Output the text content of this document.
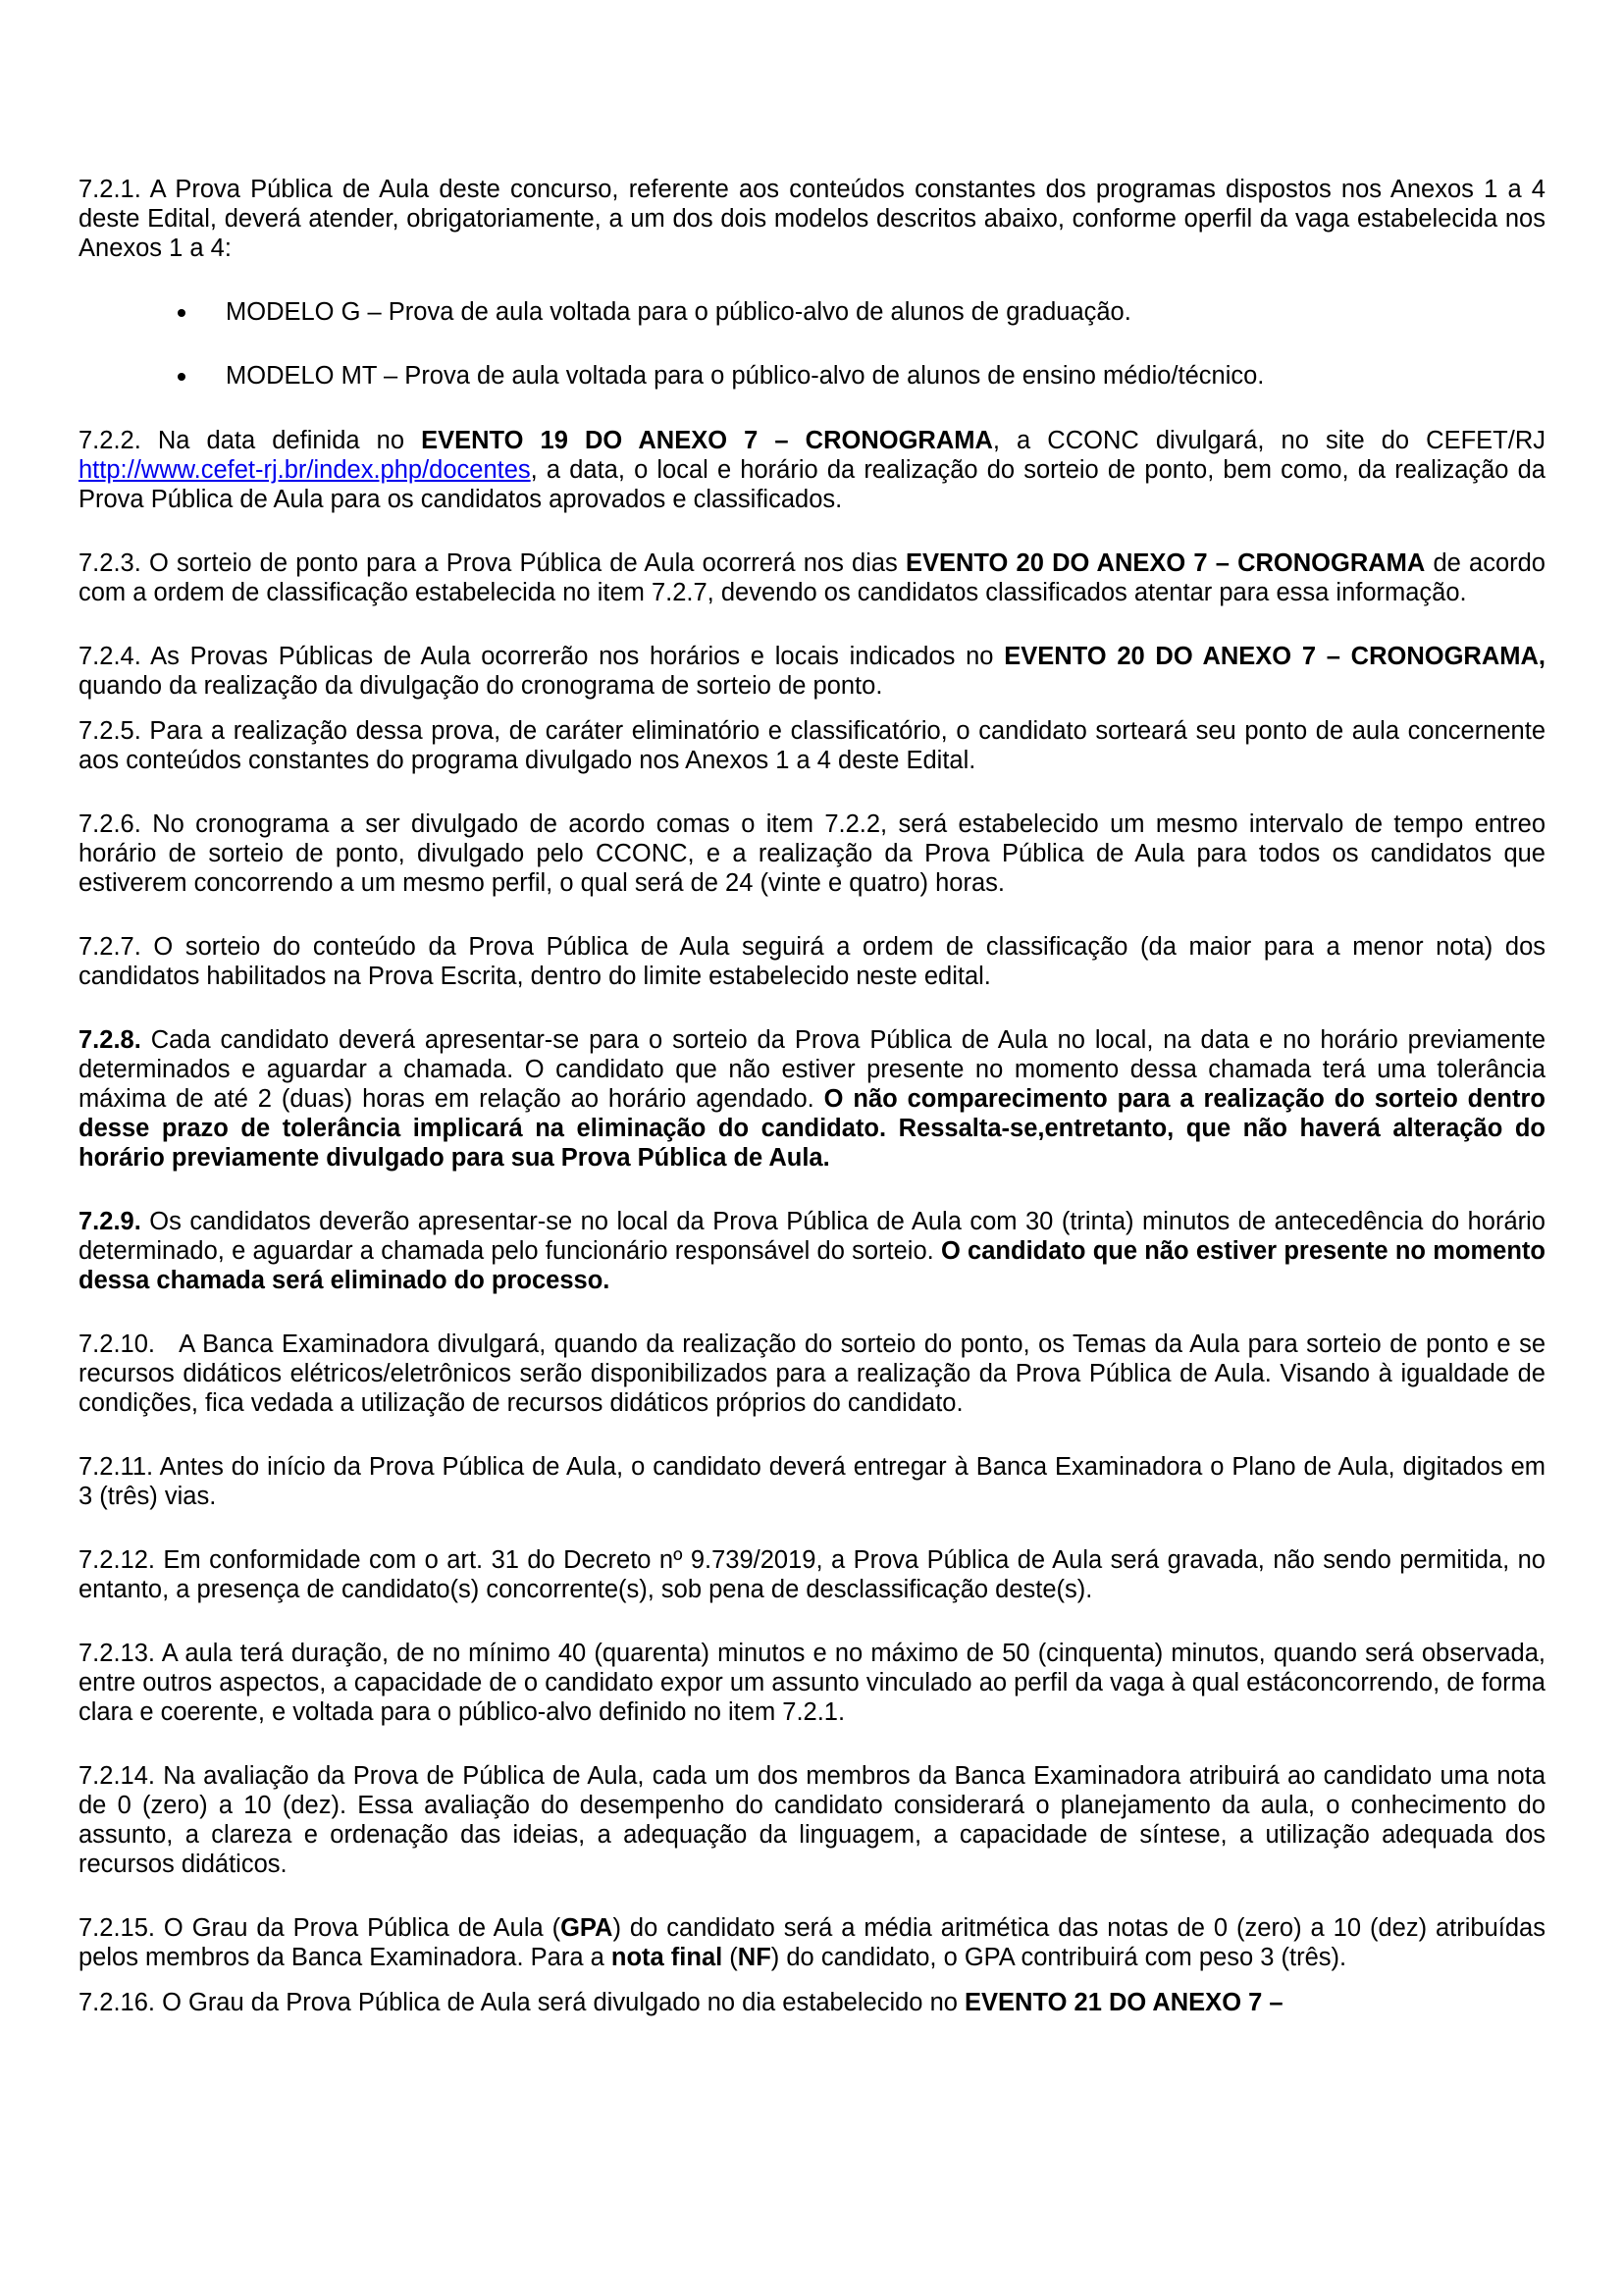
7.2.1. A Prova Pública de Aula deste concurso, referente aos conteúdos constantes dos programas dispostos nos Anexos 1 a 4 deste Edital, deverá atender, obrigatoriamente, a um dos dois modelos descritos abaixo, conforme operfil da vaga estabelecida nos Anexos 1 a 4:

MODELO G – Prova de aula voltada para o público-alvo de alunos de graduação.
MODELO MT – Prova de aula voltada para o público-alvo de alunos de ensino médio/técnico.

7.2.2. Na data definida no EVENTO 19 DO ANEXO 7 – CRONOGRAMA, a CCONC divulgará, no site do CEFET/RJ http://www.cefet-rj.br/index.php/docentes, a data, o local e horário da realização do sorteio de ponto, bem como, da realização da Prova Pública de Aula para os candidatos aprovados e classificados.

7.2.3. O sorteio de ponto para a Prova Pública de Aula ocorrerá nos dias EVENTO 20 DO ANEXO 7 – CRONOGRAMA de acordo com a ordem de classificação estabelecida no item 7.2.7, devendo os candidatos classificados atentar para essa informação.

7.2.4. As Provas Públicas de Aula ocorrerão nos horários e locais indicados no EVENTO 20 DO ANEXO 7 – CRONOGRAMA, quando da realização da divulgação do cronograma de sorteio de ponto.

7.2.5. Para a realização dessa prova, de caráter eliminatório e classificatório, o candidato sorteará seu ponto de aula concernente aos conteúdos constantes do programa divulgado nos Anexos 1 a 4 deste Edital.

7.2.6. No cronograma a ser divulgado de acordo comas o item 7.2.2, será estabelecido um mesmo intervalo de tempo entreo horário de sorteio de ponto, divulgado pelo CCONC, e a realização da Prova Pública de Aula para todos os candidatos que estiverem concorrendo a um mesmo perfil, o qual será de 24 (vinte e quatro) horas.

7.2.7. O sorteio do conteúdo da Prova Pública de Aula seguirá a ordem de classificação (da maior para a menor nota) dos candidatos habilitados na Prova Escrita, dentro do limite estabelecido neste edital.

7.2.8. Cada candidato deverá apresentar-se para o sorteio da Prova Pública de Aula no local, na data e no horário previamente determinados e aguardar a chamada. O candidato que não estiver presente no momento dessa chamada terá uma tolerância máxima de até 2 (duas) horas em relação ao horário agendado. O não comparecimento para a realização do sorteio dentro desse prazo de tolerância implicará na eliminação do candidato. Ressalta-se,entretanto, que não haverá alteração do horário previamente divulgado para sua Prova Pública de Aula.

7.2.9. Os candidatos deverão apresentar-se no local da Prova Pública de Aula com 30 (trinta) minutos de antecedência do horário determinado, e aguardar a chamada pelo funcionário responsável do sorteio. O candidato que não estiver presente no momento dessa chamada será eliminado do processo.

7.2.10.   A Banca Examinadora divulgará, quando da realização do sorteio do ponto, os Temas da Aula para sorteio de ponto e se recursos didáticos elétricos/eletrônicos serão disponibilizados para a realização da Prova Pública de Aula. Visando à igualdade de condições, fica vedada a utilização de recursos didáticos próprios do candidato.

7.2.11. Antes do início da Prova Pública de Aula, o candidato deverá entregar à Banca Examinadora o Plano de Aula, digitados em 3 (três) vias.

7.2.12. Em conformidade com o art. 31 do Decreto nº 9.739/2019, a Prova Pública de Aula será gravada, não sendo permitida, no entanto, a presença de candidato(s) concorrente(s), sob pena de desclassificação deste(s).

7.2.13. A aula terá duração, de no mínimo 40 (quarenta) minutos e no máximo de 50 (cinquenta) minutos, quando será observada, entre outros aspectos, a capacidade de o candidato expor um assunto vinculado ao perfil da vaga à qual estáconcorrendo, de forma clara e coerente, e voltada para o público-alvo definido no item 7.2.1.

7.2.14. Na avaliação da Prova de Pública de Aula, cada um dos membros da Banca Examinadora atribuirá ao candidato uma nota de 0 (zero) a 10 (dez). Essa avaliação do desempenho do candidato considerará o planejamento da aula, o conhecimento do assunto, a clareza e ordenação das ideias, a adequação da linguagem, a capacidade de síntese, a utilização adequada dos recursos didáticos.

7.2.15. O Grau da Prova Pública de Aula (GPA) do candidato será a média aritmética das notas de 0 (zero) a 10 (dez) atribuídas pelos membros da Banca Examinadora. Para a nota final (NF) do candidato, o GPA contribuirá com peso 3 (três).

7.2.16. O Grau da Prova Pública de Aula será divulgado no dia estabelecido no EVENTO 21 DO ANEXO 7 –
